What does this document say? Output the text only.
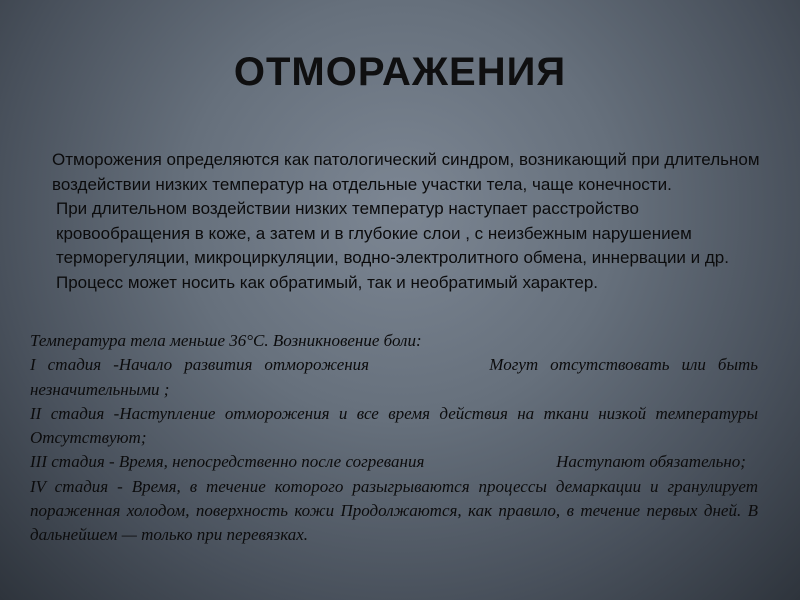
ОТМОРАЖЕНИЯ

Отморожения определяются как патологический синдром, возникающий при длительном воздействии низких температур на отдельные участки тела, чаще конечности.

При длительном воздействии низких температур наступает расстройство кровообращения в коже, а затем и в глубокие слои , с неизбежным нарушением терморегуляции, микроциркуляции, водно-электролитного обмена, иннервации и др. Процесс может носить как обратимый, так и необратимый характер.

Температура тела меньше 36°С. Возникновение боли:

I стадия -Начало развития отморожения          Могут отсутствовать или быть незначительными ;

II стадия -Наступление отморожения и все время действия на ткани низкой температуры         Отсутствуют;

III стадия - Время, непосредственно после согревания                               Наступают обязательно;

IV стадия - Время, в течение которого разыгрываются процессы демаркации и гранулирует пораженная холодом, поверхность кожи Продолжаются, как правило, в течение первых дней. В дальнейшем — только при перевязках.
